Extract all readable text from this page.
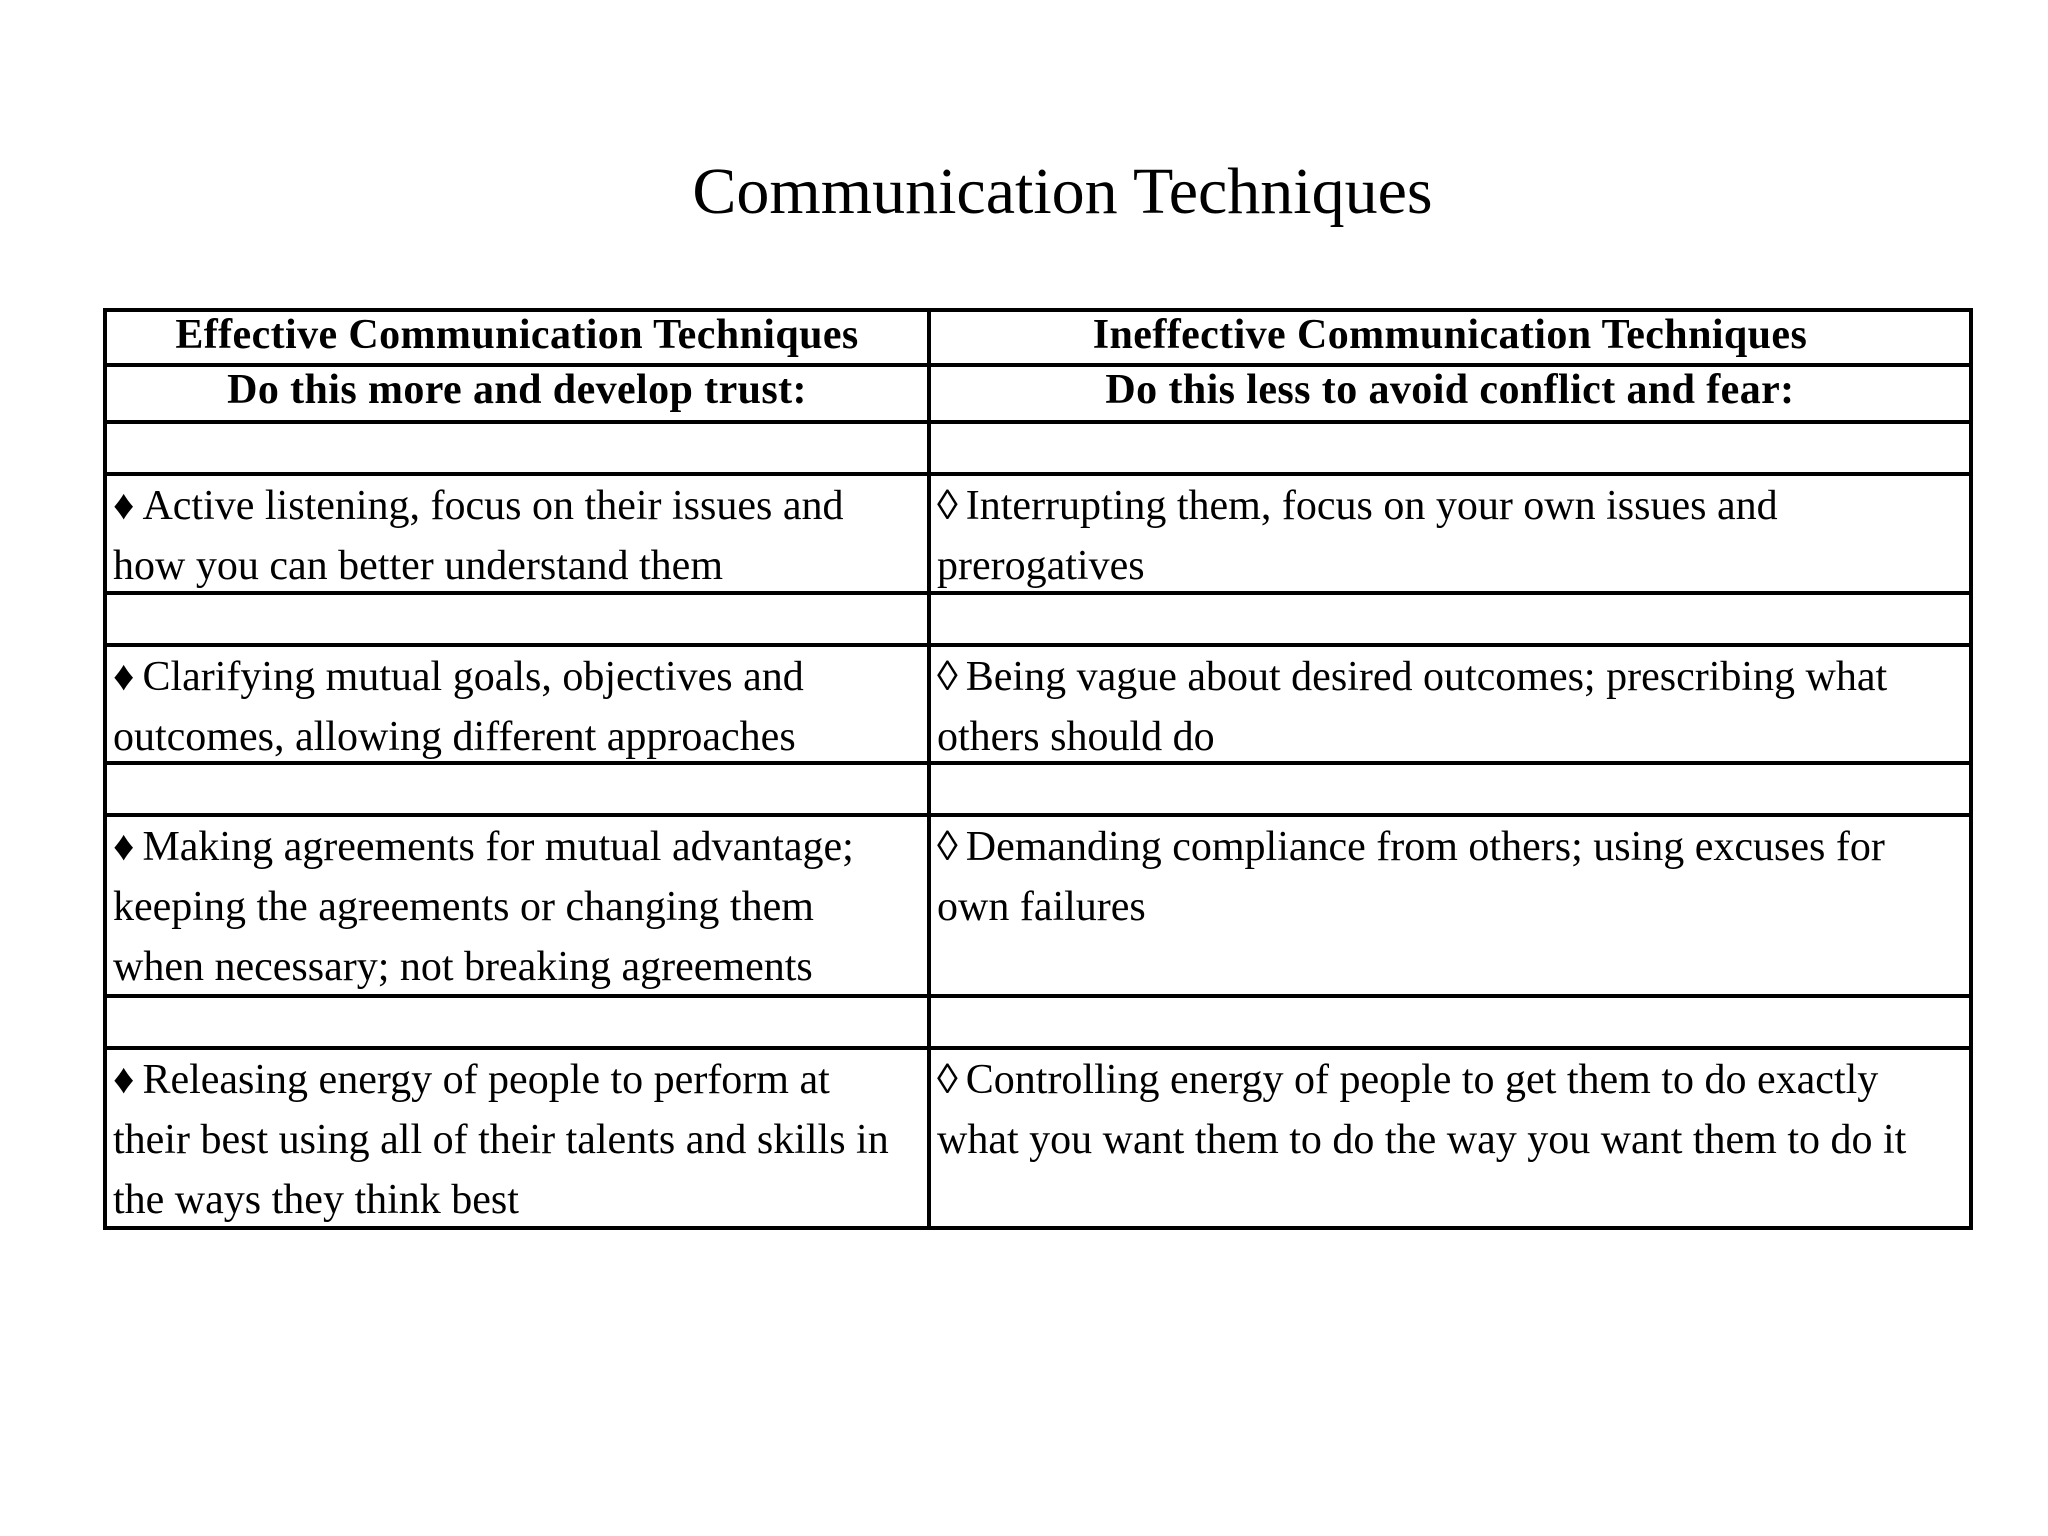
Communication Techniques
Effective Communication Techniques	Ineffective Communication Techniques
Do this more and develop trust:	Do this less to avoid conflict and fear:
♦ Active listening, focus on their issues and
how you can better understand them
◊ Interrupting them, focus on your own issues and
prerogatives
♦ Clarifying mutual goals, objectives and
outcomes, allowing different approaches
◊ Being vague about desired outcomes; prescribing what
others should do
♦ Making agreements for mutual advantage;
keeping the agreements or changing them
when necessary; not breaking agreements
◊ Demanding compliance from others; using excuses for
own failures
♦ Releasing energy of people to perform at
their best using all of their talents and skills in
the ways they think best
◊ Controlling energy of people to get them to do exactly
what you want them to do the way you want them to do it
